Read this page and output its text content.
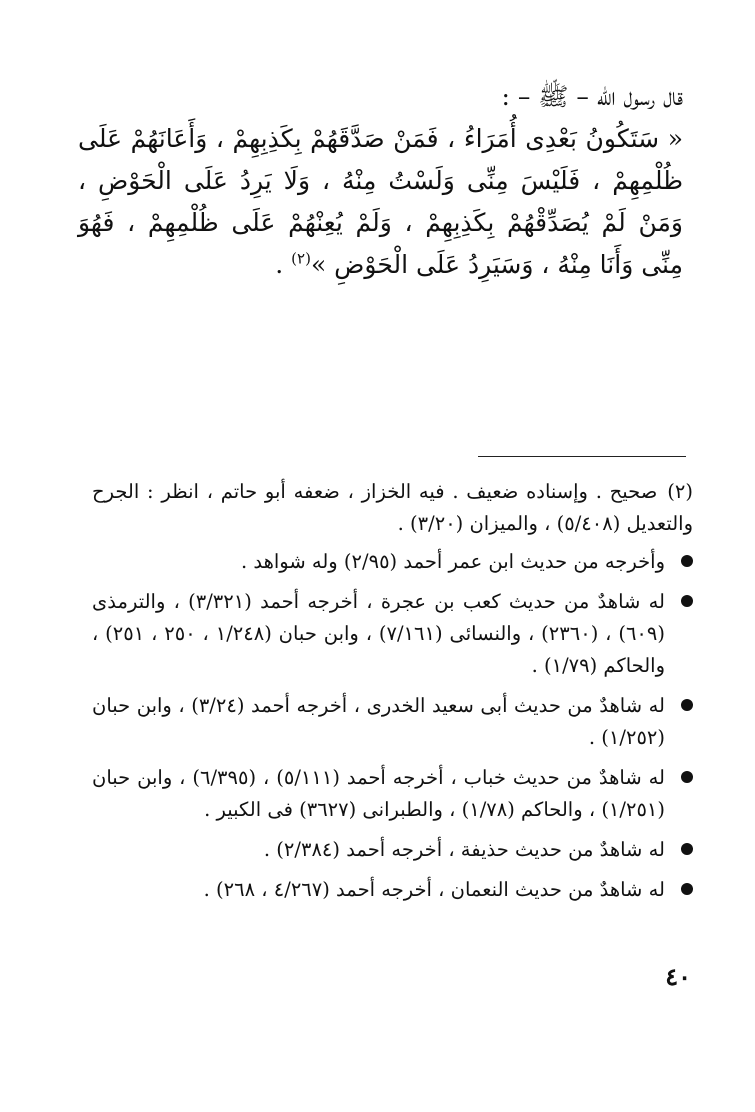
قال رسول الله – ﷺ – :
« سَتَكُونُ بَعْدِى أُمَرَاءُ ، فَمَنْ صَدَّقَهُمْ بِكَذِبِهِمْ ، وَأَعَانَهُمْ عَلَى ظُلْمِهِمْ ، فَلَيْسَ مِنِّى وَلَسْتُ مِنْهُ ، وَلَا يَرِدُ عَلَى الْحَوْضِ ، وَمَنْ لَمْ يُصَدِّقْهُمْ بِكَذِبِهِمْ ، وَلَمْ يُعِنْهُمْ عَلَى ظُلْمِهِمْ ، فَهُوَ مِنِّى وَأَنَا مِنْهُ ، وَسَيَرِدُ عَلَى الْحَوْضِ »$^{(٢)}$ .

(٢)صحيح . وإسناده ضعيف . فيه الخزاز ، ضعفه أبو حاتم ، انظر : الجرح والتعديل (٥/٤٠٨) ، والميزان (٣/٢٠) .

وأخرجه من حديث ابن عمر أحمد (٢/٩٥) وله شواهد .
له شاهدٌ من حديث كعب بن عجرة ، أخرجه أحمد (٣/٣٢١) ، والترمذى (٦٠٩) ، (٢٣٦٠) ، والنسائى (٧/١٦١) ، وابن حبان (١/٢٤٨ ، ٢٥٠ ، ٢٥١) ، والحاكم (١/٧٩) .
له شاهدٌ من حديث أبى سعيد الخدرى ، أخرجه أحمد (٣/٢٤) ، وابن حبان (١/٢٥٢) .
له شاهدٌ من حديث خباب ، أخرجه أحمد (٥/١١١) ، (٦/٣٩٥) ، وابن حبان (١/٢٥١) ، والحاكم (١/٧٨) ، والطبرانى (٣٦٢٧) فى الكبير .
له شاهدٌ من حديث حذيفة ، أخرجه أحمد (٢/٣٨٤) .
له شاهدٌ من حديث النعمان ، أخرجه أحمد (٤/٢٦٧ ، ٢٦٨) .
٤٠
